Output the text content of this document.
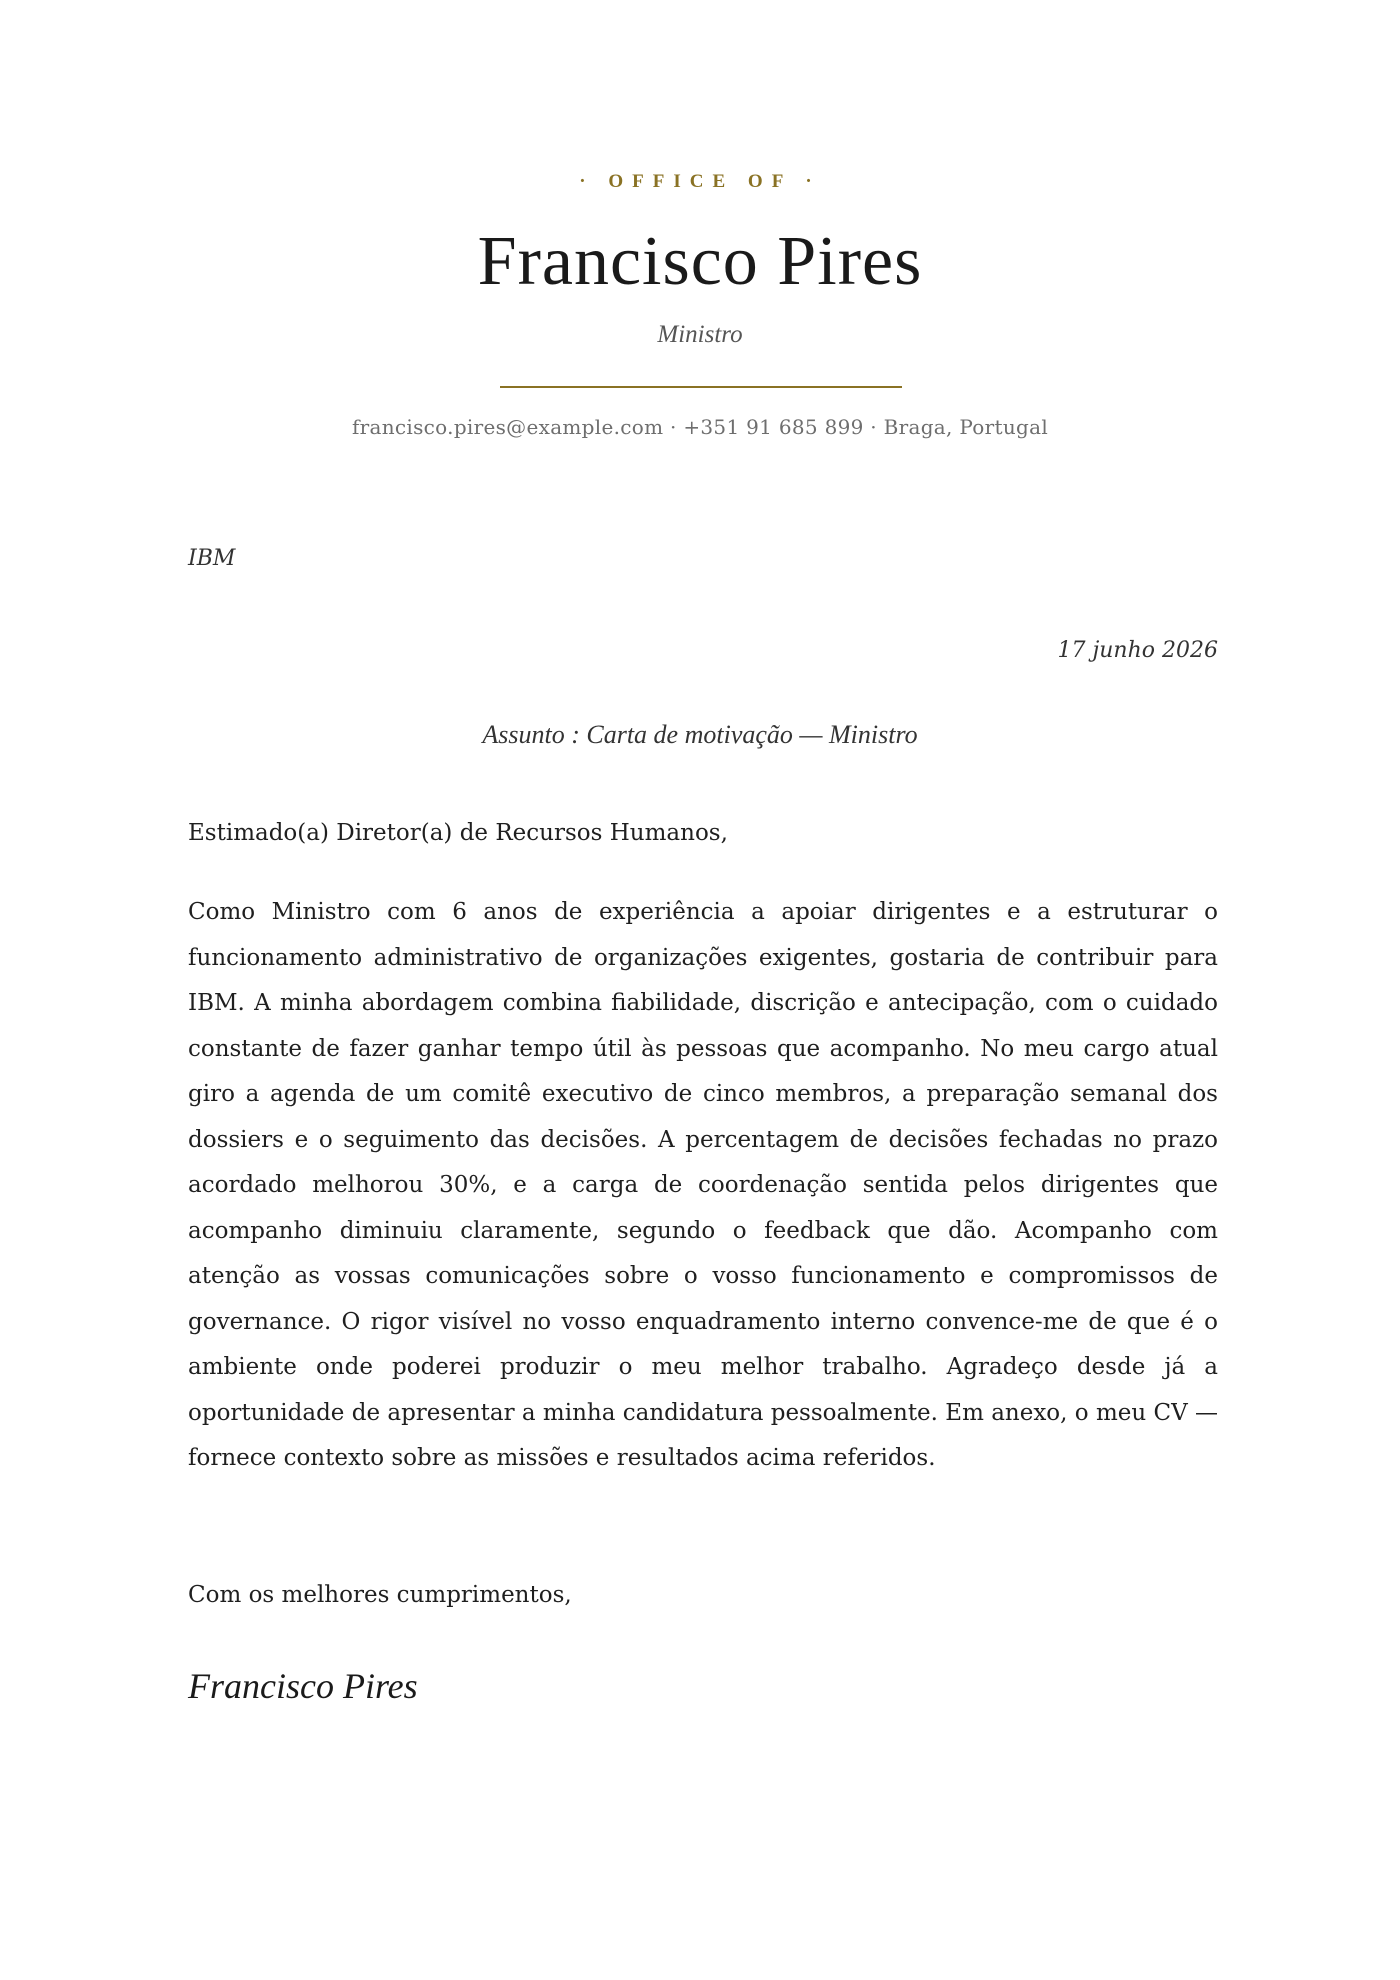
· OFFICE OF ·
Francisco Pires
Ministro
francisco.pires@example.com · +351 91 685 899 · Braga, Portugal
IBM
17 junho 2026
Assunto : Carta de motivação — Ministro
Estimado(a) Diretor(a) de Recursos Humanos,

Como Ministro com 6 anos de experiência a apoiar dirigentes e a estruturar o funcionamento administrativo de organizações exigentes, gostaria de contribuir para IBM. A minha abordagem combina fiabilidade, discrição e antecipação, com o cuidado constante de fazer ganhar tempo útil às pessoas que acompanho. No meu cargo atual giro a agenda de um comitê executivo de cinco membros, a preparação semanal dos dossiers e o seguimento das decisões. A percentagem de decisões fechadas no prazo acordado melhorou 30%, e a carga de coordenação sentida pelos dirigentes que acompanho diminuiu claramente, segundo o feedback que dão. Acompanho com atenção as vossas comunicações sobre o vosso funcionamento e compromissos de governance. O rigor visível no vosso enquadramento interno convence-me de que é o ambiente onde poderei produzir o meu melhor trabalho. Agradeço desde já a oportunidade de apresentar a minha candidatura pessoalmente. Em anexo, o meu CV — fornece contexto sobre as missões e resultados acima referidos.

Com os melhores cumprimentos,
Francisco Pires
